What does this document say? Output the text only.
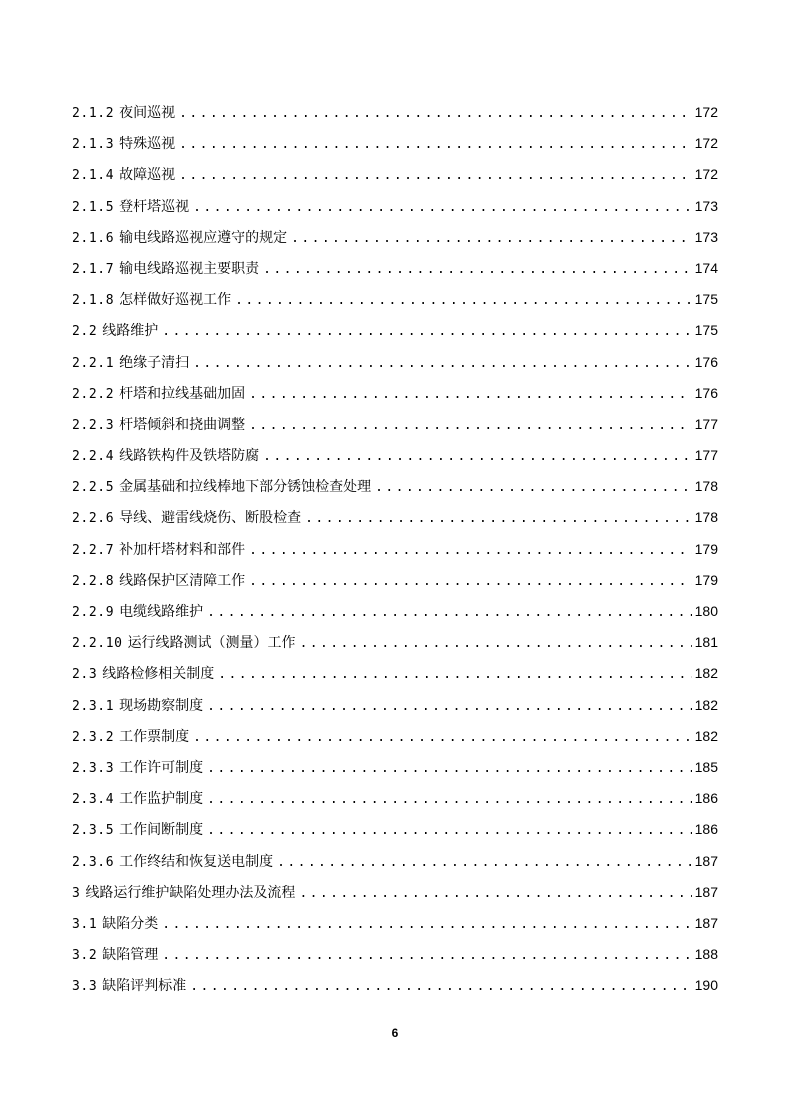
2.1.2 夜间巡视 .....	172
2.1.3 特殊巡视 .....	172
2.1.4 故障巡视 .....	172
2.1.5 登杆塔巡视 .....	173
2.1.6 输电线路巡视应遵守的规定 .....	173
2.1.7 输电线路巡视主要职责 .....	174
2.1.8 怎样做好巡视工作 .....	175
2.2 线路维护 .....	175
2.2.1 绝缘子清扫 .....	176
2.2.2 杆塔和拉线基础加固 .....	176
2.2.3 杆塔倾斜和挠曲调整 .....	177
2.2.4 线路铁构件及铁塔防腐 .....	177
2.2.5 金属基础和拉线棒地下部分锈蚀检查处理 .....	178
2.2.6 导线、避雷线烧伤、断股检查 .....	178
2.2.7 补加杆塔材料和部件 .....	179
2.2.8 线路保护区清障工作 .....	179
2.2.9 电缆线路维护 .....	180
2.2.10 运行线路测试（测量）工作 .....	181
2.3 线路检修相关制度 .....	182
2.3.1 现场勘察制度 .....	182
2.3.2 工作票制度 .....	182
2.3.3 工作许可制度 .....	185
2.3.4 工作监护制度 .....	186
2.3.5 工作间断制度 .....	186
2.3.6 工作终结和恢复送电制度 .....	187
3 线路运行维护缺陷处理办法及流程 .....	187
3.1 缺陷分类 .....	187
3.2 缺陷管理 .....	188
3.3 缺陷评判标准 .....	190
6
